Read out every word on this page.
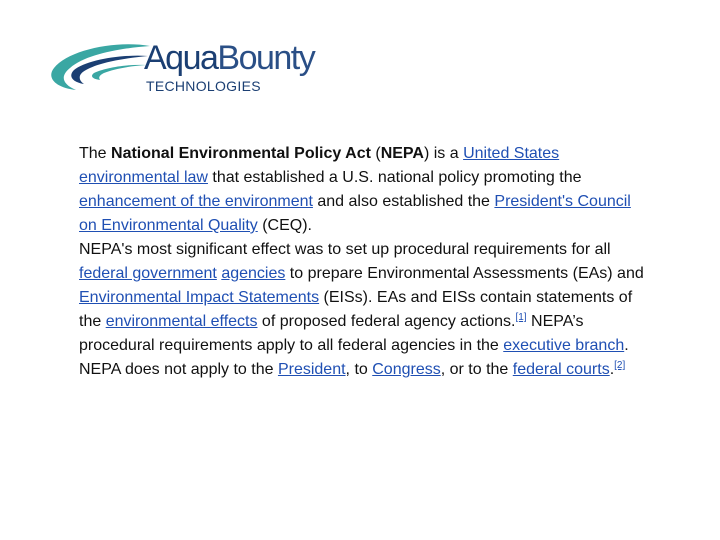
AquaBounty
TECHNOLOGIES

The National Environmental Policy Act (NEPA) is a United States environmental law that established a U.S. national policy promoting the enhancement of the environment and also established the President's Council on Environmental Quality (CEQ).

NEPA's most significant effect was to set up procedural requirements for all federal government agencies to prepare Environmental Assessments (EAs) and Environmental Impact Statements (EISs). EAs and EISs contain statements of the environmental effects of proposed federal agency actions.[1] NEPA’s procedural requirements apply to all federal agencies in the executive branch. NEPA does not apply to the President, to Congress, or to the federal courts.[2]
